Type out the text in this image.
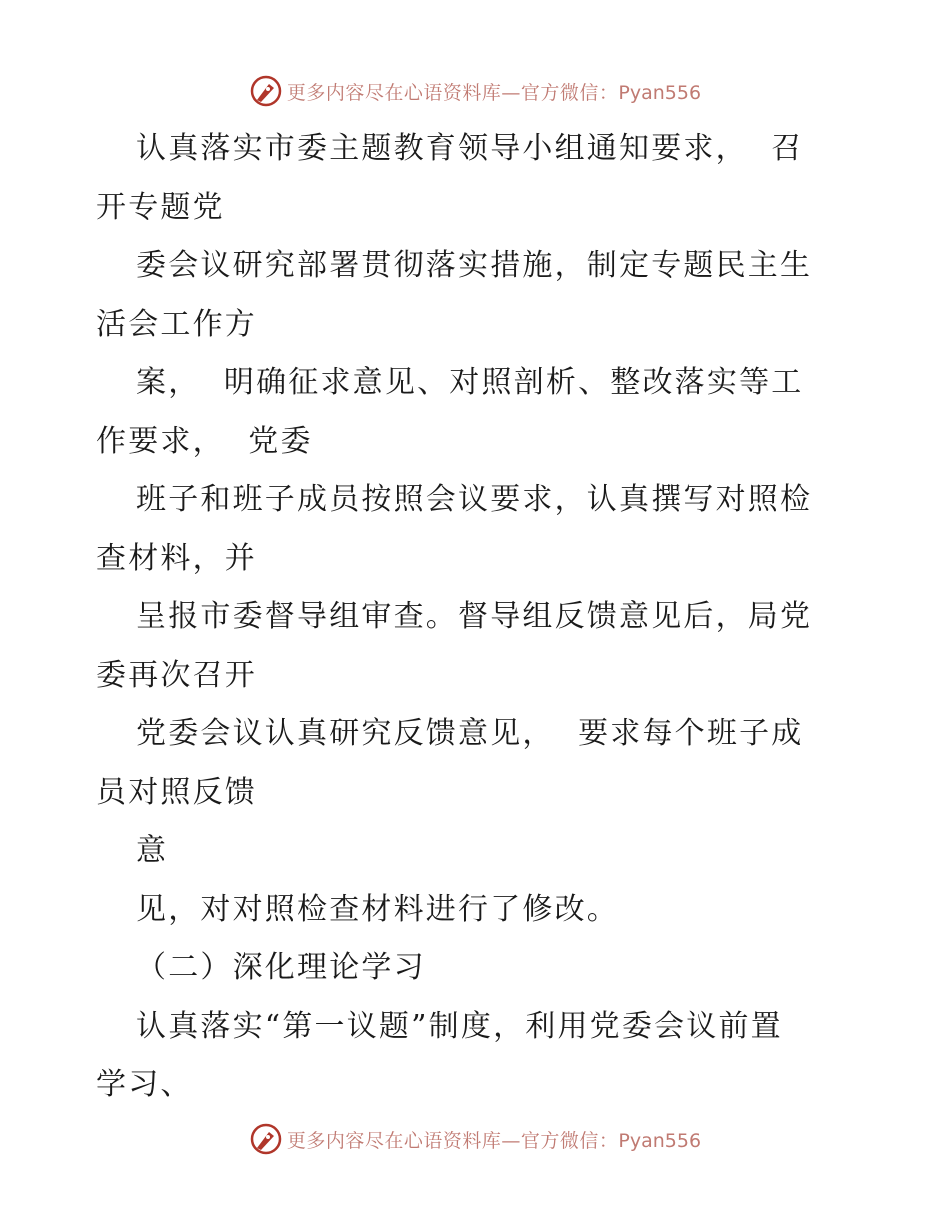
更多内容尽在心语资料库—官方微信：Pyan556
认真落实市委主题教育领导小组通知要求，  召
开专题党
委会议研究部署贯彻落实措施，制定专题民主生
活会工作方
案，  明确征求意见、对照剖析、整改落实等工
作要求，  党委
班子和班子成员按照会议要求，认真撰写对照检
查材料，并
呈报市委督导组审查。督导组反馈意见后，局党
委再次召开
党委会议认真研究反馈意见，  要求每个班子成
员对照反馈
意
见，对对照检查材料进行了修改。
（二）深化理论学习
认真落实“第一议题”制度，利用党委会议前置
学习、
更多内容尽在心语资料库—官方微信：Pyan556
